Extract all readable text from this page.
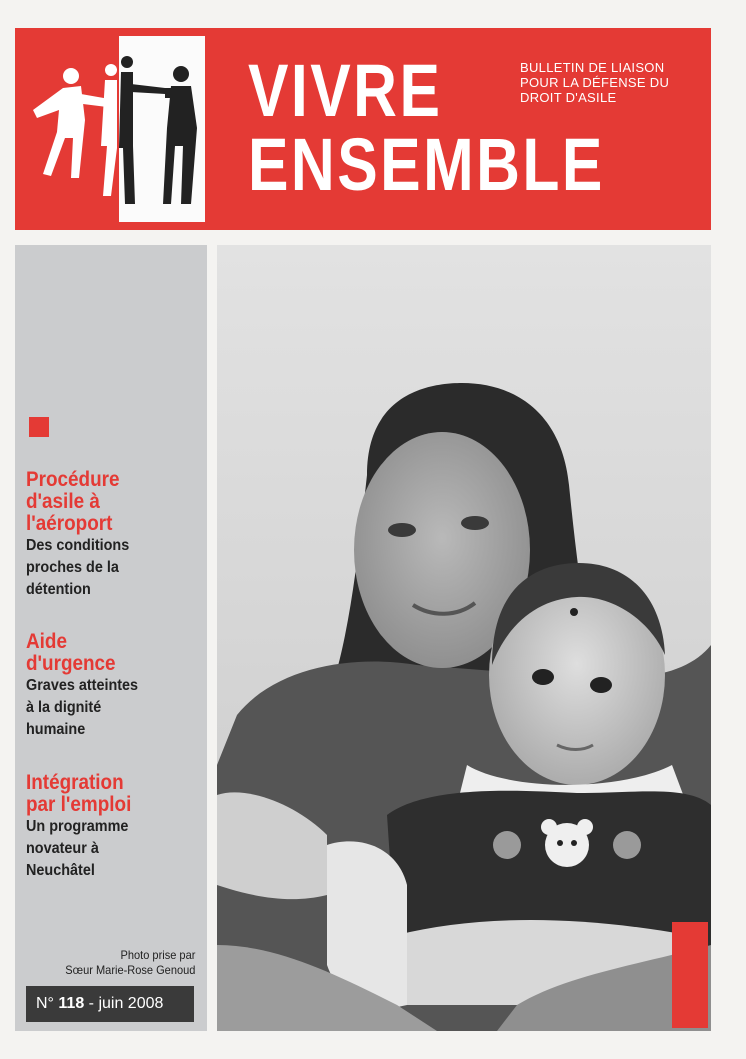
VIVRE
ENSEMBLE
BULLETIN DE LIAISON
POUR LA DÉFENSE DU
DROIT D'ASILE
Procédure
d'asile à
l'aéroport
Des conditions
proches de la
détention
Aide
d'urgence
Graves atteintes
à la dignité
humaine
Intégration
par l'emploi
Un programme
novateur à
Neuchâtel
Photo prise par
Sœur Marie-Rose Genoud
N° 118 - juin 2008
